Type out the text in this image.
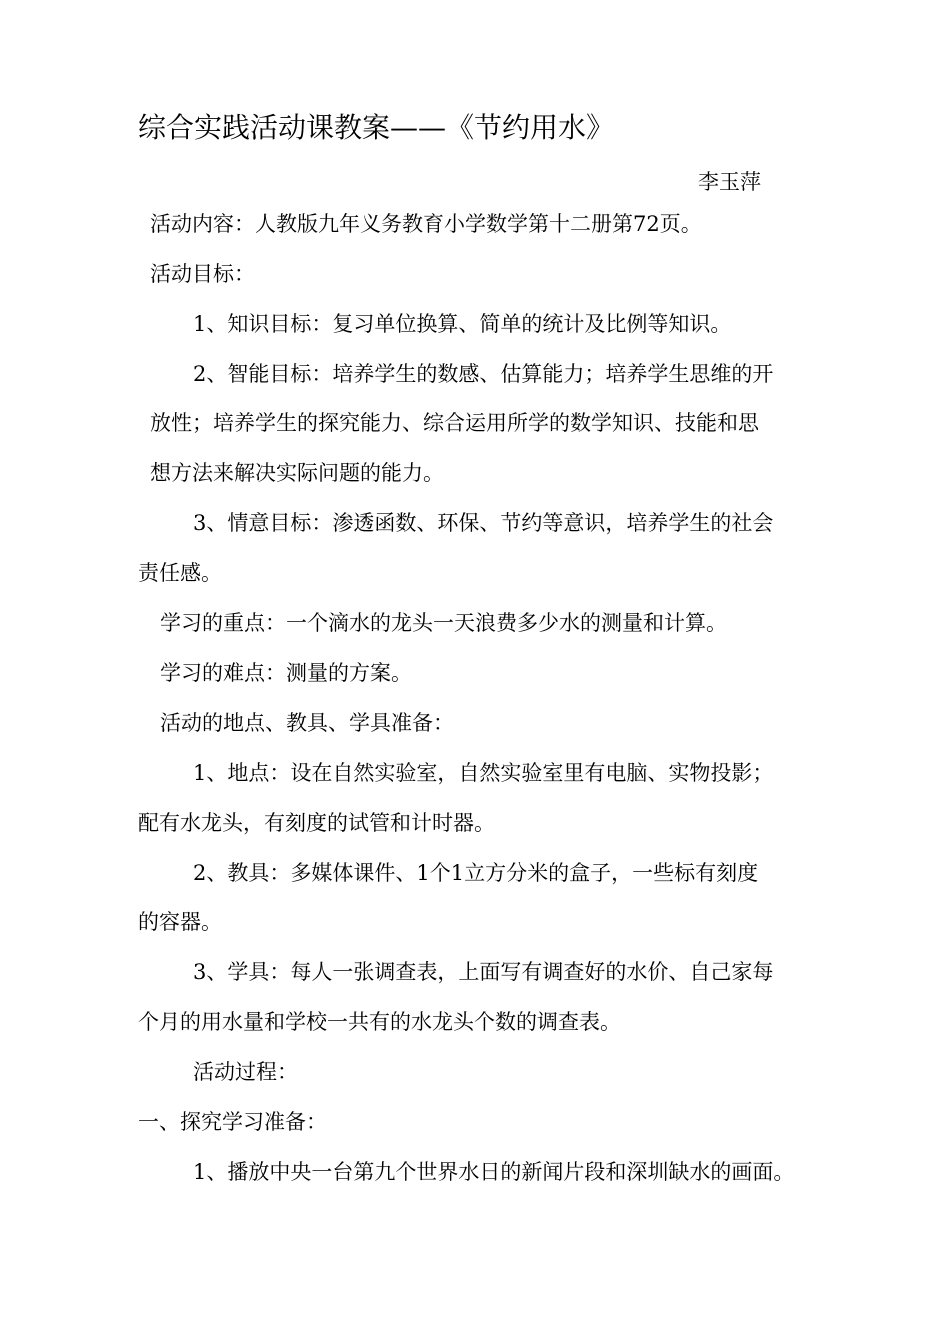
综合实践活动课教案——《节约用水》
李玉萍
活动内容：人教版九年义务教育小学数学第十二册第72页。
活动目标：
1、知识目标：复习单位换算、简单的统计及比例等知识。
2、智能目标：培养学生的数感、估算能力；培养学生思维的开
放性；培养学生的探究能力、综合运用所学的数学知识、技能和思
想方法来解决实际问题的能力。
3、情意目标：渗透函数、环保、节约等意识，培养学生的社会
责任感。
学习的重点：一个滴水的龙头一天浪费多少水的测量和计算。
学习的难点：测量的方案。
活动的地点、教具、学具准备：
1、地点：设在自然实验室，自然实验室里有电脑、实物投影；
配有水龙头，有刻度的试管和计时器。
2、教具：多媒体课件、1个1立方分米的盒子，一些标有刻度
的容器。
3、学具：每人一张调查表，上面写有调查好的水价、自己家每
个月的用水量和学校一共有的水龙头个数的调查表。
活动过程：
一、探究学习准备：
1、播放中央一台第九个世界水日的新闻片段和深圳缺水的画面。
